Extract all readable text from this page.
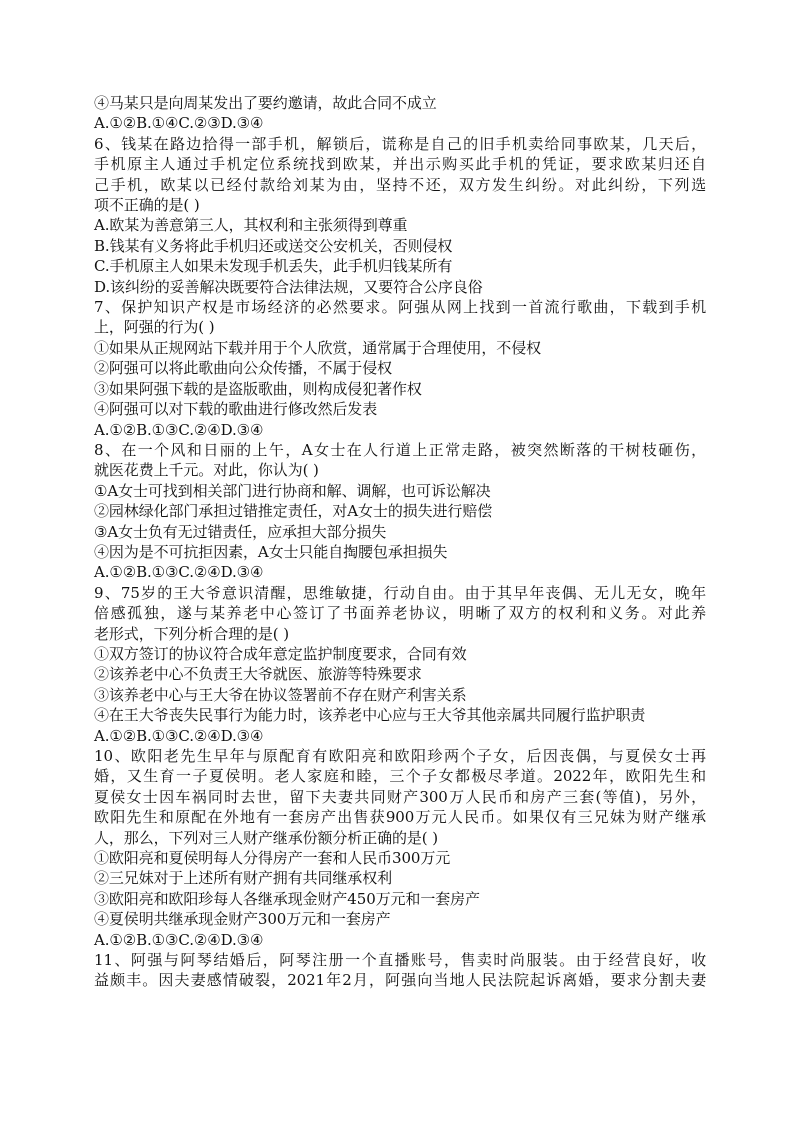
④马某只是向周某发出了要约邀请，故此合同不成立
A.①②B.①④C.②③D.③④
6、钱某在路边拾得一部手机，解锁后，谎称是自己的旧手机卖给同事欧某，几天后，
手机原主人通过手机定位系统找到欧某，并出示购买此手机的凭证，要求欧某归还自
己手机，欧某以已经付款给刘某为由，坚持不还，双方发生纠纷。对此纠纷，下列选
项不正确的是( )
A.欧某为善意第三人，其权利和主张须得到尊重
B.钱某有义务将此手机归还或送交公安机关，否则侵权
C.手机原主人如果未发现手机丢失，此手机归钱某所有
D.该纠纷的妥善解决既要符合法律法规，又要符合公序良俗
7、保护知识产权是市场经济的必然要求。阿强从网上找到一首流行歌曲，下载到手机
上，阿强的行为( )
①如果从正规网站下载并用于个人欣赏，通常属于合理使用，不侵权
②阿强可以将此歌曲向公众传播，不属于侵权
③如果阿强下载的是盗版歌曲，则构成侵犯著作权
④阿强可以对下载的歌曲进行修改然后发表
A.①②B.①③C.②④D.③④
8、在一个风和日丽的上午，A女士在人行道上正常走路，被突然断落的干树枝砸伤，
就医花费上千元。对此，你认为( )
①A女士可找到相关部门进行协商和解、调解，也可诉讼解决
②园林绿化部门承担过错推定责任，对A女士的损失进行赔偿
③A女士负有无过错责任，应承担大部分损失
④因为是不可抗拒因素，A女士只能自掏腰包承担损失
A.①②B.①③C.②④D.③④
9、75岁的王大爷意识清醒，思维敏捷，行动自由。由于其早年丧偶、无儿无女，晚年
倍感孤独，遂与某养老中心签订了书面养老协议，明晰了双方的权利和义务。对此养
老形式，下列分析合理的是( )
①双方签订的协议符合成年意定监护制度要求，合同有效
②该养老中心不负责王大爷就医、旅游等特殊要求
③该养老中心与王大爷在协议签署前不存在财产利害关系
④在王大爷丧失民事行为能力时，该养老中心应与王大爷其他亲属共同履行监护职责
A.①②B.①③C.②④D.③④
10、欧阳老先生早年与原配育有欧阳亮和欧阳珍两个子女，后因丧偶，与夏侯女士再
婚，又生育一子夏侯明。老人家庭和睦，三个子女都极尽孝道。2022年，欧阳先生和
夏侯女士因车祸同时去世，留下夫妻共同财产300万人民币和房产三套(等值)，另外，
欧阳先生和原配在外地有一套房产出售获900万元人民币。如果仅有三兄妹为财产继承
人，那么，下列对三人财产继承份额分析正确的是( )
①欧阳亮和夏侯明每人分得房产一套和人民币300万元
②三兄妹对于上述所有财产拥有共同继承权利
③欧阳亮和欧阳珍每人各继承现金财产450万元和一套房产
④夏侯明共继承现金财产300万元和一套房产
A.①②B.①③C.②④D.③④
11、阿强与阿琴结婚后，阿琴注册一个直播账号，售卖时尚服装。由于经营良好，收
益颇丰。因夫妻感情破裂，2021年2月，阿强向当地人民法院起诉离婚，要求分割夫妻
